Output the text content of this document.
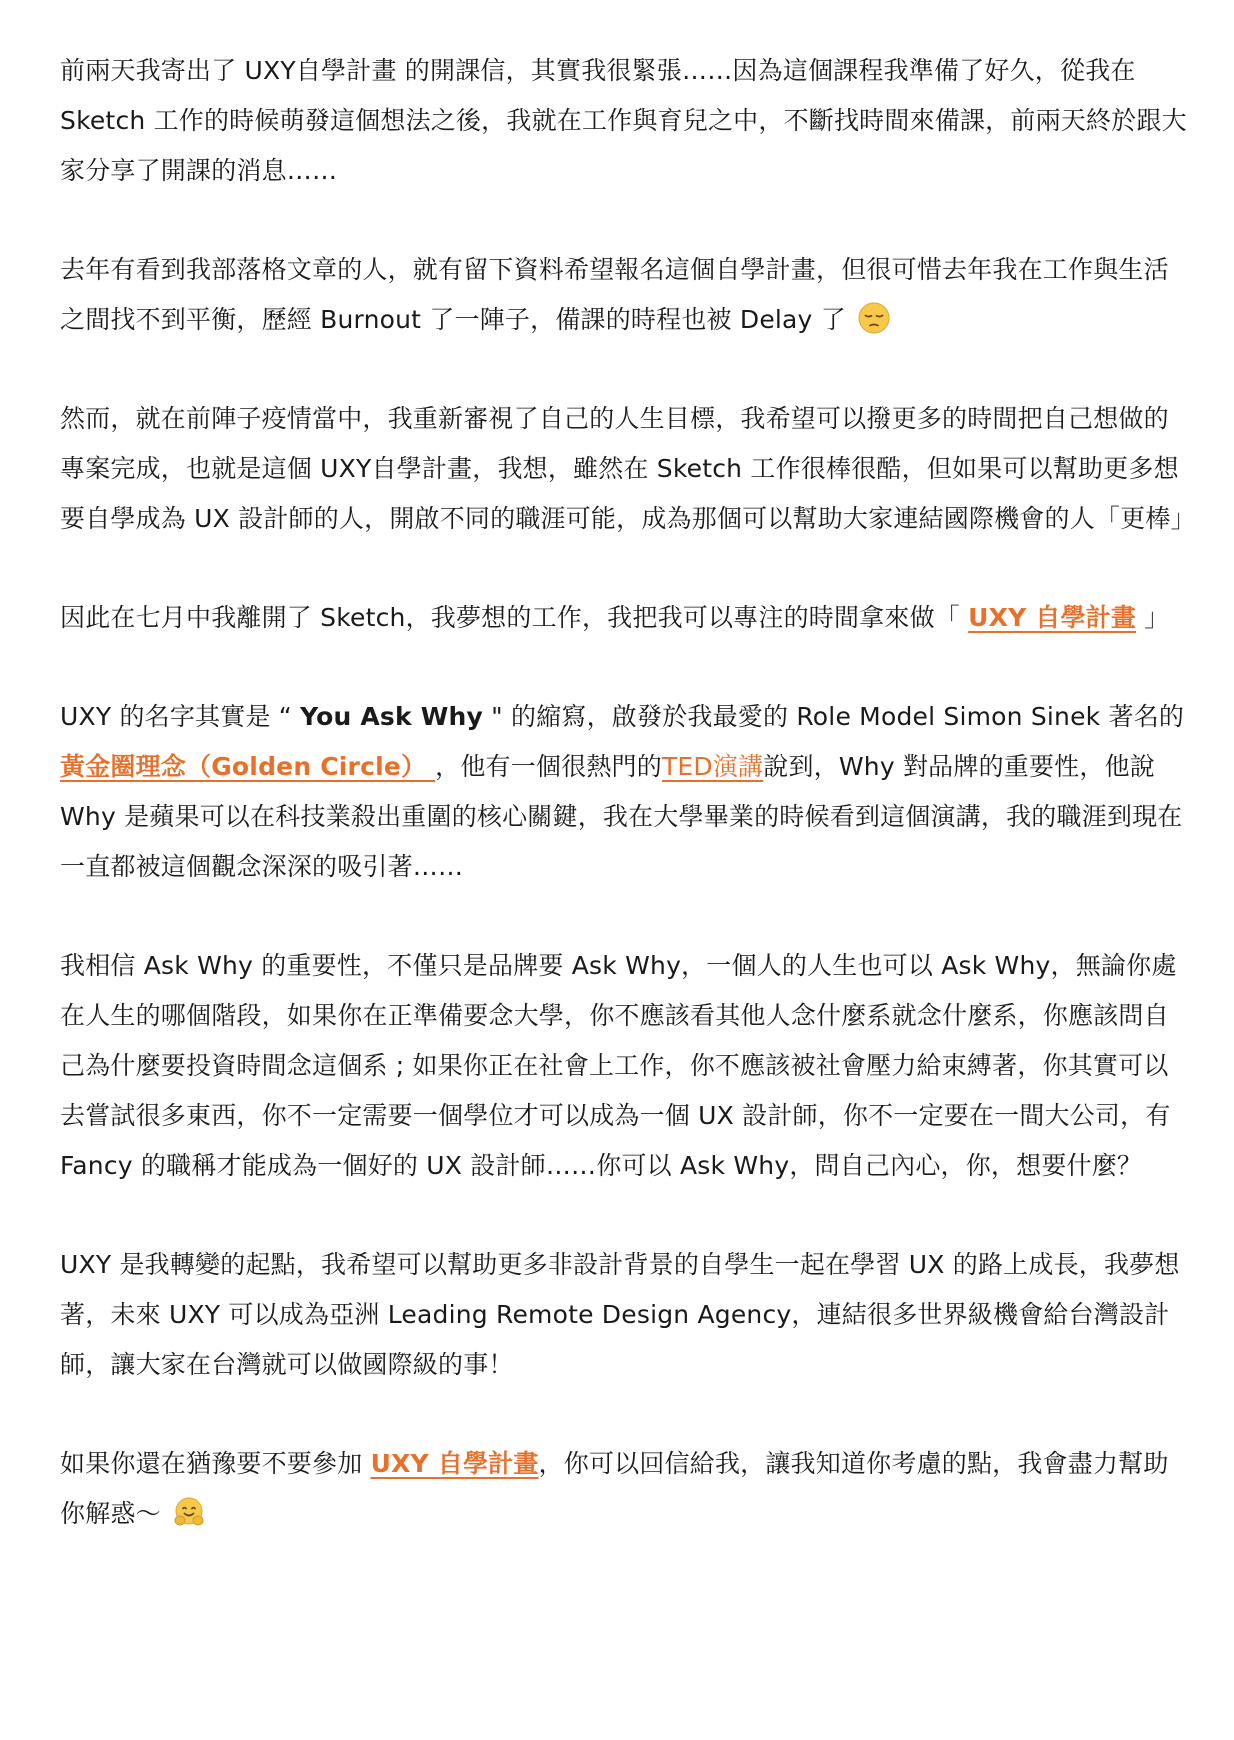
前兩天我寄出了 UXY自學計畫 的開課信，其實我很緊張……因為這個課程我準備了好久，從我在 Sketch 工作的時候萌發這個想法之後，我就在工作與育兒之中，不斷找時間來備課，前兩天終於跟大家分享了開課的消息……

去年有看到我部落格文章的人，就有留下資料希望報名這個自學計畫，但很可惜去年我在工作與生活之間找不到平衡，歷經 Burnout 了一陣子，備課的時程也被 Delay 了

然而，就在前陣子疫情當中，我重新審視了自己的人生目標，我希望可以撥更多的時間把自己想做的專案完成，也就是這個 UXY自學計畫，我想，雖然在 Sketch 工作很棒很酷，但如果可以幫助更多想要自學成為 UX 設計師的人，開啟不同的職涯可能，成為那個可以幫助大家連結國際機會的人「更棒」

因此在七月中我離開了 Sketch，我夢想的工作，我把我可以專注的時間拿來做「 UXY 自學計畫 」

UXY 的名字其實是 “ You Ask Why " 的縮寫，啟發於我最愛的 Role Model Simon Sinek 著名的黃金圈理念（Golden Circle） ，他有一個很熱門的TED演講說到，Why 對品牌的重要性，他說 Why 是蘋果可以在科技業殺出重圍的核心關鍵，我在大學畢業的時候看到這個演講，我的職涯到現在一直都被這個觀念深深的吸引著……

我相信 Ask Why 的重要性，不僅只是品牌要 Ask Why，一個人的人生也可以 Ask Why，無論你處在人生的哪個階段，如果你在正準備要念大學，你不應該看其他人念什麼系就念什麼系，你應該問自己為什麼要投資時間念這個系 ; 如果你正在社會上工作，你不應該被社會壓力給束縛著，你其實可以去嘗試很多東西，你不一定需要一個學位才可以成為一個 UX 設計師，你不一定要在一間大公司，有 Fancy 的職稱才能成為一個好的 UX 設計師……你可以 Ask Why，問自己內心，你，想要什麼？

UXY 是我轉變的起點，我希望可以幫助更多非設計背景的自學生一起在學習 UX 的路上成長，我夢想著，未來 UXY 可以成為亞洲 Leading Remote Design Agency，連結很多世界級機會給台灣設計師，讓大家在台灣就可以做國際級的事！

如果你還在猶豫要不要參加 UXY 自學計畫，你可以回信給我，讓我知道你考慮的點，我會盡力幫助你解惑～
